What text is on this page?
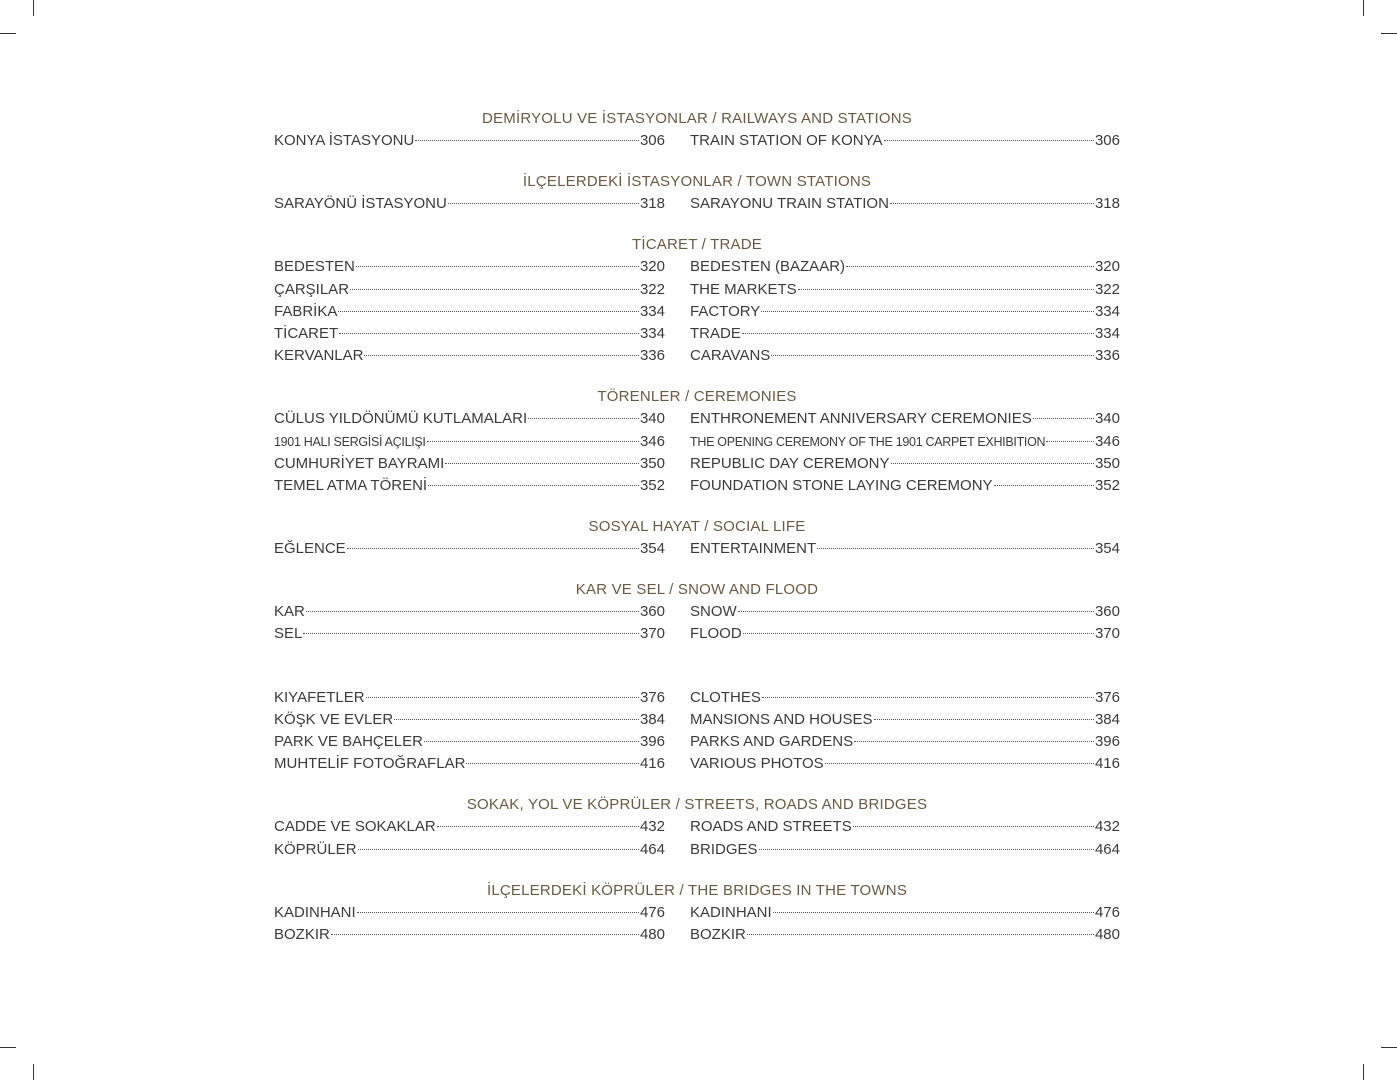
DEMİRYOLU VE İSTASYONLAR / RAILWAYS AND STATIONS
KONYA İSTASYONU	306 TRAIN STATION OF KONYA	306
İLÇELERDEKİ İSTASYONLAR / TOWN STATIONS
SARAYÖNÜ İSTASYONU	318 SARAYONU TRAIN STATION	318
TİCARET / TRADE
BEDESTEN	320 BEDESTEN (BAZAAR)	320
ÇARŞILAR	322 THE MARKETS	322
FABRİKA	334 FACTORY	334
TİCARET	334 TRADE	334
KERVANLAR	336 CARAVANS	336
TÖRENLER / CEREMONIES
CÜLUS YILDÖNÜMÜ KUTLAMALARI	340 ENTHRONEMENT ANNIVERSARY CEREMONIES	340
1901 HALI SERGİSİ AÇILIŞI	346 THE OPENING CEREMONY OF THE 1901 CARPET EXHIBITION	346
CUMHURİYET BAYRAMI	350 REPUBLIC DAY CEREMONY	350
TEMEL ATMA TÖRENİ	352 FOUNDATION STONE LAYING CEREMONY	352
SOSYAL HAYAT / SOCIAL LIFE
EĞLENCE	354 ENTERTAINMENT	354
KAR VE SEL / SNOW AND FLOOD
KAR	360 SNOW	360
SEL	370 FLOOD	370
KIYAFETLER	376 CLOTHES	376
KÖŞK VE EVLER	384 MANSIONS AND HOUSES	384
PARK VE BAHÇELER	396 PARKS AND GARDENS	396
MUHTELİF FOTOĞRAFLAR	416 VARIOUS PHOTOS	416
SOKAK, YOL VE KÖPRÜLER / STREETS, ROADS AND BRIDGES
CADDE VE SOKAKLAR	432 ROADS AND STREETS	432
KÖPRÜLER	464 BRIDGES	464
İLÇELERDEKİ KÖPRÜLER / THE BRIDGES IN THE TOWNS
KADINHANI	476 KADINHANI	476
BOZKIR	480 BOZKIR	480
